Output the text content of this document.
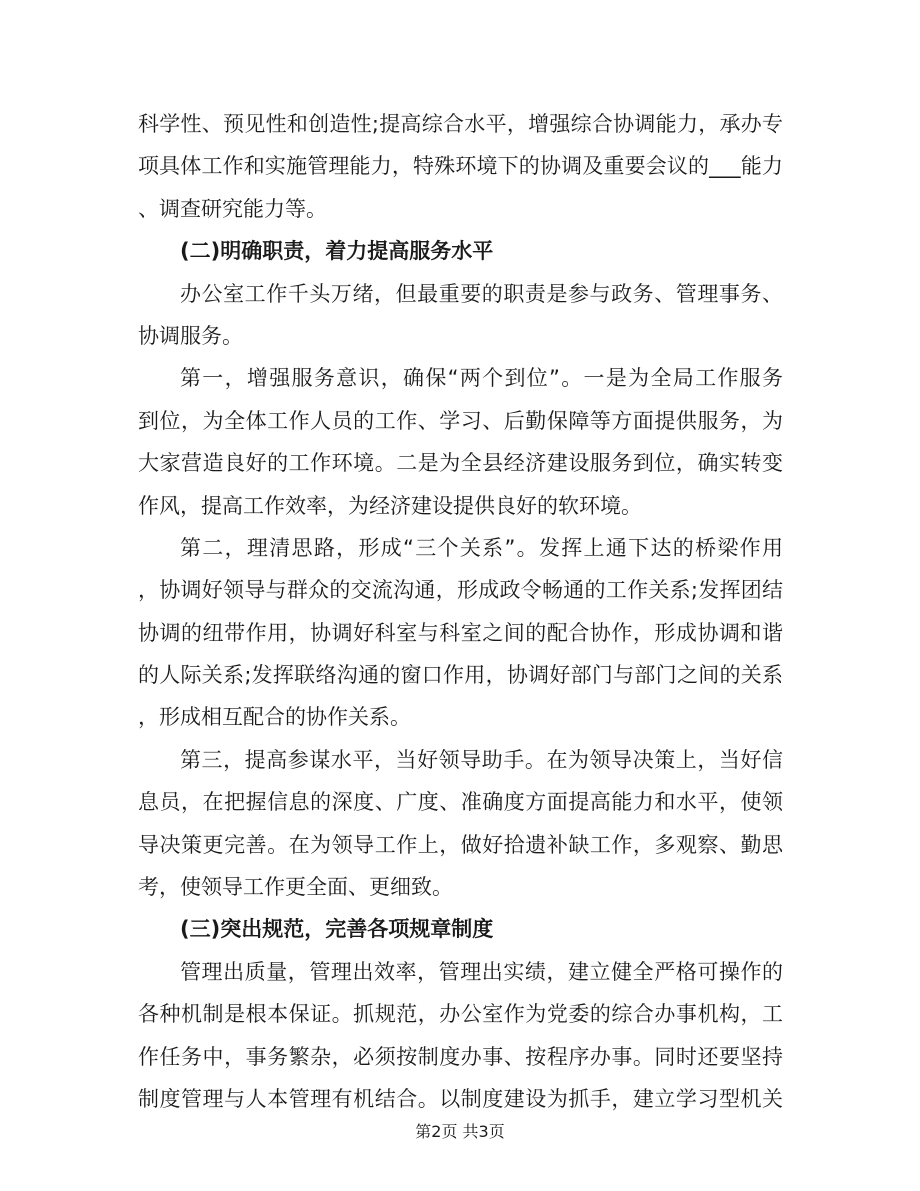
科学性、预见性和创造性;提高综合水平，增强综合协调能力，承办专
项具体工作和实施管理能力，特殊环境下的协调及重要会议的___能力
、调查研究能力等。
(二)明确职责，着力提高服务水平
办公室工作千头万绪，但最重要的职责是参与政务、管理事务、
协调服务。
第一，增强服务意识，确保“两个到位”。一是为全局工作服务
到位，为全体工作人员的工作、学习、后勤保障等方面提供服务，为
大家营造良好的工作环境。二是为全县经济建设服务到位，确实转变
作风，提高工作效率，为经济建设提供良好的软环境。
第二，理清思路，形成“三个关系”。发挥上通下达的桥梁作用
，协调好领导与群众的交流沟通，形成政令畅通的工作关系;发挥团结
协调的纽带作用，协调好科室与科室之间的配合协作，形成协调和谐
的人际关系;发挥联络沟通的窗口作用，协调好部门与部门之间的关系
，形成相互配合的协作关系。
第三，提高参谋水平，当好领导助手。在为领导决策上，当好信
息员，在把握信息的深度、广度、准确度方面提高能力和水平，使领
导决策更完善。在为领导工作上，做好拾遗补缺工作，多观察、勤思
考，使领导工作更全面、更细致。
(三)突出规范，完善各项规章制度
管理出质量，管理出效率，管理出实绩，建立健全严格可操作的
各种机制是根本保证。抓规范，办公室作为党委的综合办事机构，工
作任务中，事务繁杂，必须按制度办事、按程序办事。同时还要坚持
制度管理与人本管理有机结合。以制度建设为抓手，建立学习型机关
第2页 共3页
